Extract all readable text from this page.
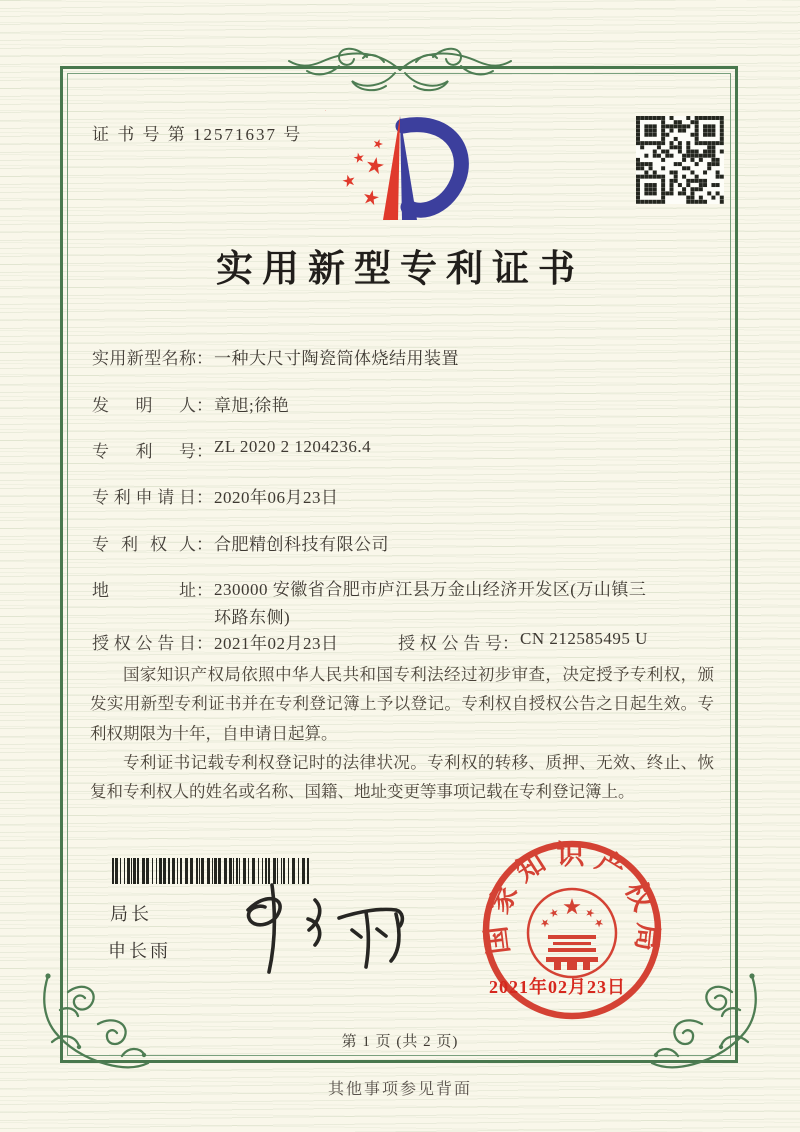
证 书 号 第 12571637 号
实用新型专利证书
实用新型名称：一种大尺寸陶瓷筒体烧结用装置
发明人：章旭;徐艳
专利号：ZL 2020 2 1204236.4
专利申请日：2020年06月23日
专利权人：合肥精创科技有限公司
地址：230000 安徽省合肥市庐江县万金山经济开发区(万山镇三环路东侧)
授权公告日：2021年02月23日	授权公告号：CN 212585495 U

国家知识产权局依照中华人民共和国专利法经过初步审查，决定授予专利权，颁发实用新型专利证书并在专利登记簿上予以登记。专利权自授权公告之日起生效。专利权期限为十年，自申请日起算。

专利证书记载专利权登记时的法律状况。专利权的转移、质押、无效、终止、恢复和专利权人的姓名或名称、国籍、地址变更等事项记载在专利登记簿上。

局长
申长雨	国家知识产权局
2021年02月23日
第 1 页 (共 2 页)
其他事项参见背面
